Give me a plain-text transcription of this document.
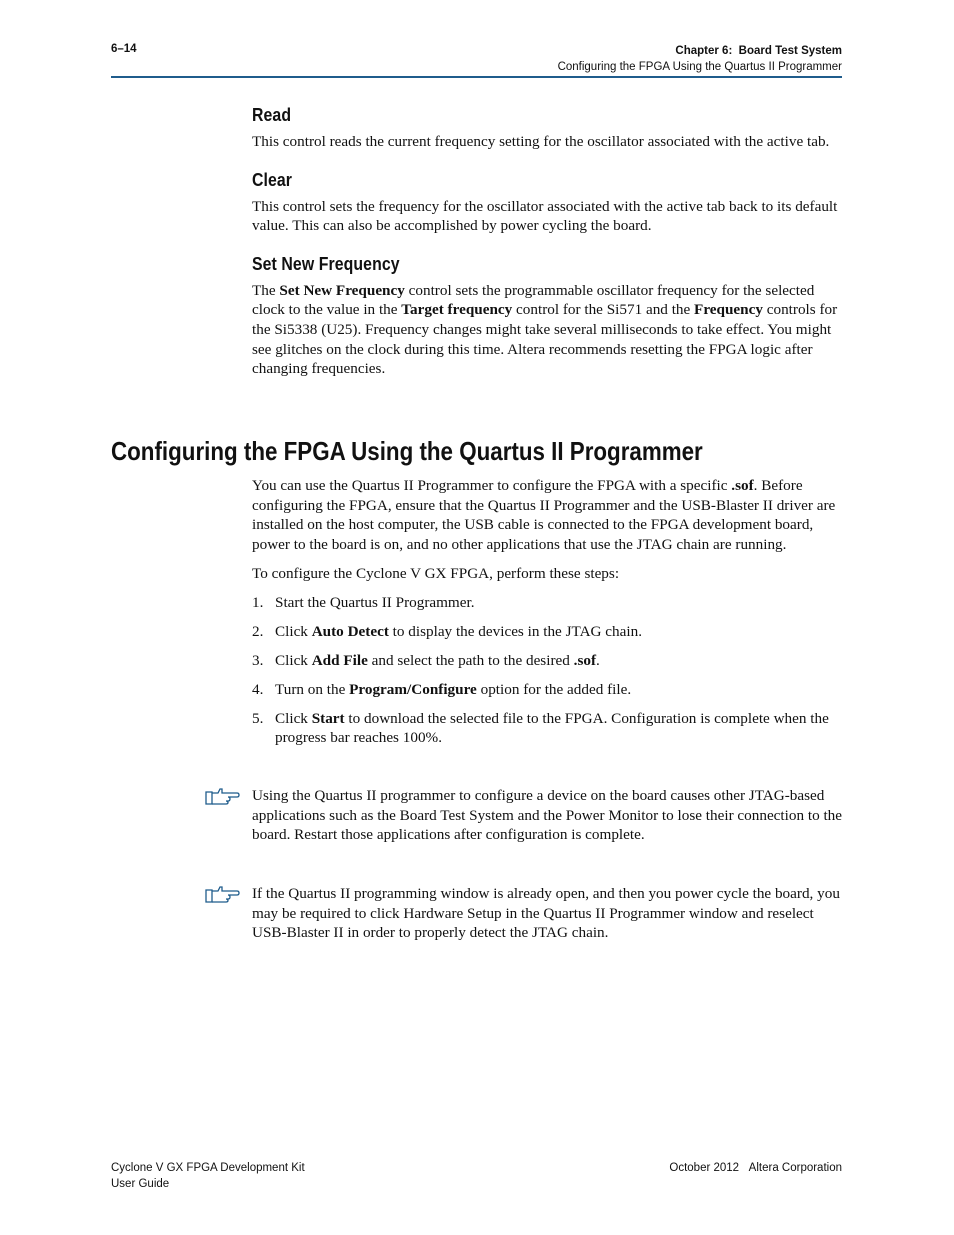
6–14	Chapter 6:  Board Test System
Configuring the FPGA Using the Quartus II Programmer
Read

This control reads the current frequency setting for the oscillator associated with the active tab.

Clear

This control sets the frequency for the oscillator associated with the active tab back to its default value. This can also be accomplished by power cycling the board.

Set New Frequency

The Set New Frequency control sets the programmable oscillator frequency for the selected clock to the value in the Target frequency control for the Si571 and the Frequency controls for the Si5338 (U25). Frequency changes might take several milliseconds to take effect. You might see glitches on the clock during this time. Altera recommends resetting the FPGA logic after changing frequencies.

Configuring the FPGA Using the Quartus II Programmer

You can use the Quartus II Programmer to configure the FPGA with a specific .sof. Before configuring the FPGA, ensure that the Quartus II Programmer and the USB-Blaster II driver are installed on the host computer, the USB cable is connected to the FPGA development board, power to the board is on, and no other applications that use the JTAG chain are running.

To configure the Cyclone V GX FPGA, perform these steps:

1. Start the Quartus II Programmer.
2. Click Auto Detect to display the devices in the JTAG chain.
3. Click Add File and select the path to the desired .sof.
4. Turn on the Program/Configure option for the added file.
5. Click Start to download the selected file to the FPGA. Configuration is complete when the progress bar reaches 100%.
Using the Quartus II programmer to configure a device on the board causes other JTAG-based applications such as the Board Test System and the Power Monitor to lose their connection to the board. Restart those applications after configuration is complete.
If the Quartus II programming window is already open, and then you power cycle the board, you may be required to click Hardware Setup in the Quartus II Programmer window and reselect USB-Blaster II in order to properly detect the JTAG chain.
Cyclone V GX FPGA Development Kit
User Guide
October 2012 Altera Corporation
